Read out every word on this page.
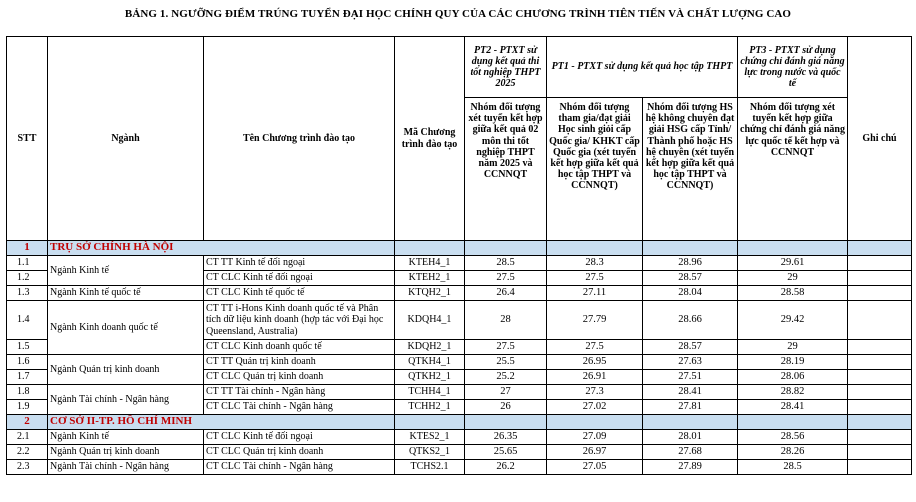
BẢNG 1. NGƯỠNG ĐIỂM TRÚNG TUYỂN ĐẠI HỌC CHÍNH QUY CỦA CÁC CHƯƠNG TRÌNH TIÊN TIẾN VÀ CHẤT LƯỢNG CAO
STT	Ngành	Tên Chương trình đào tạo	Mã Chương trình đào tạo	PT2 - PTXT sử dụng kết quả thi tốt nghiệp THPT 2025	PT1 - PTXT sử dụng kết quả học tập THPT		PT3 - PTXT sử dụng chứng chỉ đánh giá năng lực trong nước và quốc tế	Ghi chú
				Nhóm đối tượng xét tuyển kết hợp giữa kết quả 02 môn thi tốt nghiệp THPT năm 2025 và CCNNQT	Nhóm đối tượng tham gia/đạt giải Học sinh giỏi cấp Quốc gia/ KHKT cấp Quốc gia (xét tuyển kết hợp giữa kết quả học tập THPT và CCNNQT)	Nhóm đối tượng HS hệ không chuyên đạt giải HSG cấp Tỉnh/ Thành phố hoặc HS hệ chuyên (xét tuyển kết hợp giữa kết quả học tập THPT và CCNNQT)	Nhóm đối tượng xét tuyển kết hợp giữa chứng chỉ đánh giá năng lực quốc tế kết hợp và CCNNQT	
1	TRỤ SỞ CHÍNH HÀ NỘI							
1.1	Ngành Kinh tế	CT TT Kinh tế đối ngoại	KTEH4_1	28.5	28.3	28.96	29.61	
1.2		CT CLC Kinh tế đối ngoại	KTEH2_1	27.5	27.5	28.57	29	
1.3	Ngành Kinh tế quốc tế	CT CLC Kinh tế quốc tế	KTQH2_1	26.4	27.11	28.04	28.58	
1.4	Ngành Kinh doanh quốc tế	CT TT i-Hons Kinh doanh quốc tế và Phân tích dữ liệu kinh doanh (hợp tác với Đại học Queensland, Australia)	KDQH4_1	28	27.79	28.66	29.42	
1.5		CT CLC Kinh doanh quốc tế	KDQH2_1	27.5	27.5	28.57	29	
1.6	Ngành Quản trị kinh doanh	CT TT Quản trị kinh doanh	QTKH4_1	25.5	26.95	27.63	28.19	
1.7		CT CLC Quản trị kinh doanh	QTKH2_1	25.2	26.91	27.51	28.06	
1.8	Ngành Tài chính - Ngân hàng	CT TT Tài chính - Ngân hàng	TCHH4_1	27	27.3	28.41	28.82	
1.9		CT CLC Tài chính - Ngân hàng	TCHH2_1	26	27.02	27.81	28.41	
2	CƠ SỞ II-TP. HỒ CHÍ MINH							
2.1	Ngành Kinh tế	CT CLC Kinh tế đối ngoại	KTES2_1	26.35	27.09	28.01	28.56	
2.2	Ngành Quản trị kinh doanh	CT CLC Quản trị kinh doanh	QTKS2_1	25.65	26.97	27.68	28.26	
2.3	Ngành Tài chính - Ngân hàng	CT CLC Tài chính - Ngân hàng	TCHS2.1	26.2	27.05	27.89	28.5	
